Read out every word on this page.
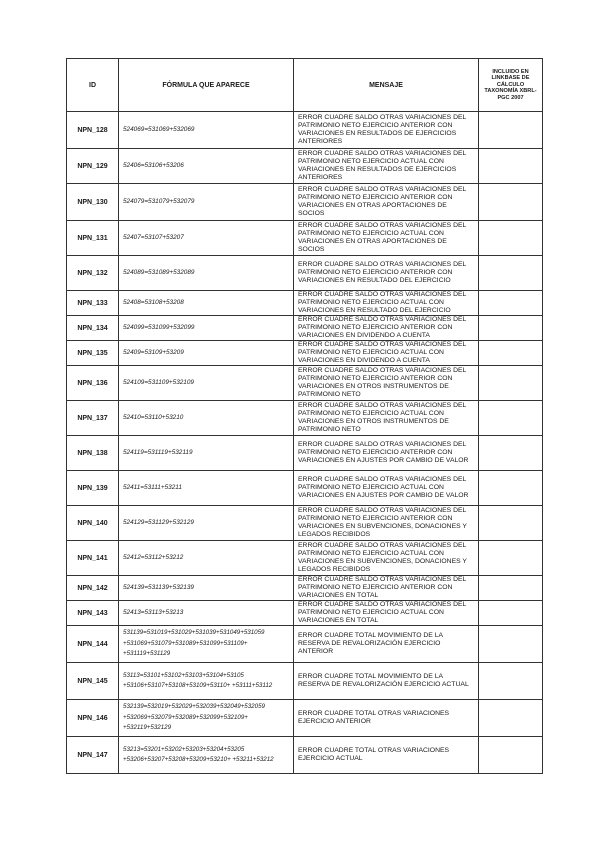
ID	FÓRMULA QUE APARECE	MENSAJE	INCLUIDO EN LINKBASE DE CÁLCULO TAXONOMÍA XBRL-PGC 2007
NPN_128	524069=531069+532069	ERROR CUADRE SALDO OTRAS VARIACIONES DEL PATRIMONIO NETO EJERCICIO ANTERIOR CON VARIACIONES EN RESULTADOS DE EJERCICIOS ANTERIORES	
NPN_129	52406=53106+53206	ERROR CUADRE SALDO OTRAS VARIACIONES DEL PATRIMONIO NETO EJERCICIO ACTUAL CON VARIACIONES EN RESULTADOS DE EJERCICIOS ANTERIORES	
NPN_130	524079=531079+532079	ERROR CUADRE SALDO OTRAS VARIACIONES DEL PATRIMONIO NETO EJERCICIO ANTERIOR CON VARIACIONES EN OTRAS APORTACIONES DE SOCIOS	
NPN_131	52407=53107+53207	ERROR CUADRE SALDO OTRAS VARIACIONES DEL PATRIMONIO NETO EJERCICIO ACTUAL CON VARIACIONES EN OTRAS APORTACIONES DE SOCIOS	
NPN_132	524089=531089+532089	ERROR CUADRE SALDO OTRAS VARIACIONES DEL PATRIMONIO NETO EJERCICIO ANTERIOR CON VARIACIONES EN RESULTADO DEL EJERCICIO	
NPN_133	52408=53108+53208	ERROR CUADRE SALDO OTRAS VARIACIONES DEL PATRIMONIO NETO EJERCICIO ACTUAL CON VARIACIONES EN RESULTADO DEL EJERCICIO	
NPN_134	524099=531099+532099	ERROR CUADRE SALDO OTRAS VARIACIONES DEL PATRIMONIO NETO EJERCICIO ANTERIOR CON VARIACIONES EN DIVIDENDO A CUENTA	
NPN_135	52409=53109+53209	ERROR CUADRE SALDO OTRAS VARIACIONES DEL PATRIMONIO NETO EJERCICIO ACTUAL CON VARIACIONES EN DIVIDENDO A CUENTA	
NPN_136	524109=531109+532109	ERROR CUADRE SALDO OTRAS VARIACIONES DEL PATRIMONIO NETO EJERCICIO ANTERIOR CON VARIACIONES EN OTROS INSTRUMENTOS DE PATRIMONIO NETO	
NPN_137	52410=53110+53210	ERROR CUADRE SALDO OTRAS VARIACIONES DEL PATRIMONIO NETO EJERCICIO ACTUAL CON VARIACIONES EN OTROS INSTRUMENTOS DE PATRIMONIO NETO	
NPN_138	524119=531119+532119	ERROR CUADRE SALDO OTRAS VARIACIONES DEL PATRIMONIO NETO EJERCICIO ANTERIOR CON VARIACIONES EN AJUSTES POR CAMBIO DE VALOR	
NPN_139	52411=53111+53211	ERROR CUADRE SALDO OTRAS VARIACIONES DEL PATRIMONIO NETO EJERCICIO ACTUAL CON VARIACIONES EN AJUSTES POR CAMBIO DE VALOR	
NPN_140	524129=531129+532129	ERROR CUADRE SALDO OTRAS VARIACIONES DEL PATRIMONIO NETO EJERCICIO ANTERIOR CON VARIACIONES EN SUBVENCIONES, DONACIONES Y LEGADOS RECIBIDOS	
NPN_141	52412=53112+53212	ERROR CUADRE SALDO OTRAS VARIACIONES DEL PATRIMONIO NETO EJERCICIO ACTUAL CON VARIACIONES EN SUBVENCIONES, DONACIONES Y LEGADOS RECIBIDOS	
NPN_142	524139=531139+532139	ERROR CUADRE SALDO OTRAS VARIACIONES DEL PATRIMONIO NETO EJERCICIO ANTERIOR CON VARIACIONES EN TOTAL	
NPN_143	52413=53113+53213	ERROR CUADRE SALDO OTRAS VARIACIONES DEL PATRIMONIO NETO EJERCICIO ACTUAL CON VARIACIONES EN TOTAL	
NPN_144	531139=531019+531029+531039+531049+531059 +531069+531079+531089+531099+531109+ +531119+531129	ERROR CUADRE TOTAL MOVIMIENTO DE LA RESERVA DE REVALORIZACIÓN EJERCICIO ANTERIOR	
NPN_145	53113=53101+53102+53103+53104+53105 +53106+53107+53108+53109+53110+ +53111+53112	ERROR CUADRE TOTAL MOVIMIENTO DE LA RESERVA DE REVALORIZACIÓN EJERCICIO ACTUAL	
NPN_146	532139=532019+532029+532039+532049+532059 +532069+532079+532089+532099+532109+ +532119+532129	ERROR CUADRE TOTAL OTRAS VARIACIONES EJERCICIO ANTERIOR	
NPN_147	53213=53201+53202+53203+53204+53205 +53206+53207+53208+53209+53210+ +53211+53212	ERROR CUADRE TOTAL OTRAS VARIACIONES EJERCICIO ACTUAL	
